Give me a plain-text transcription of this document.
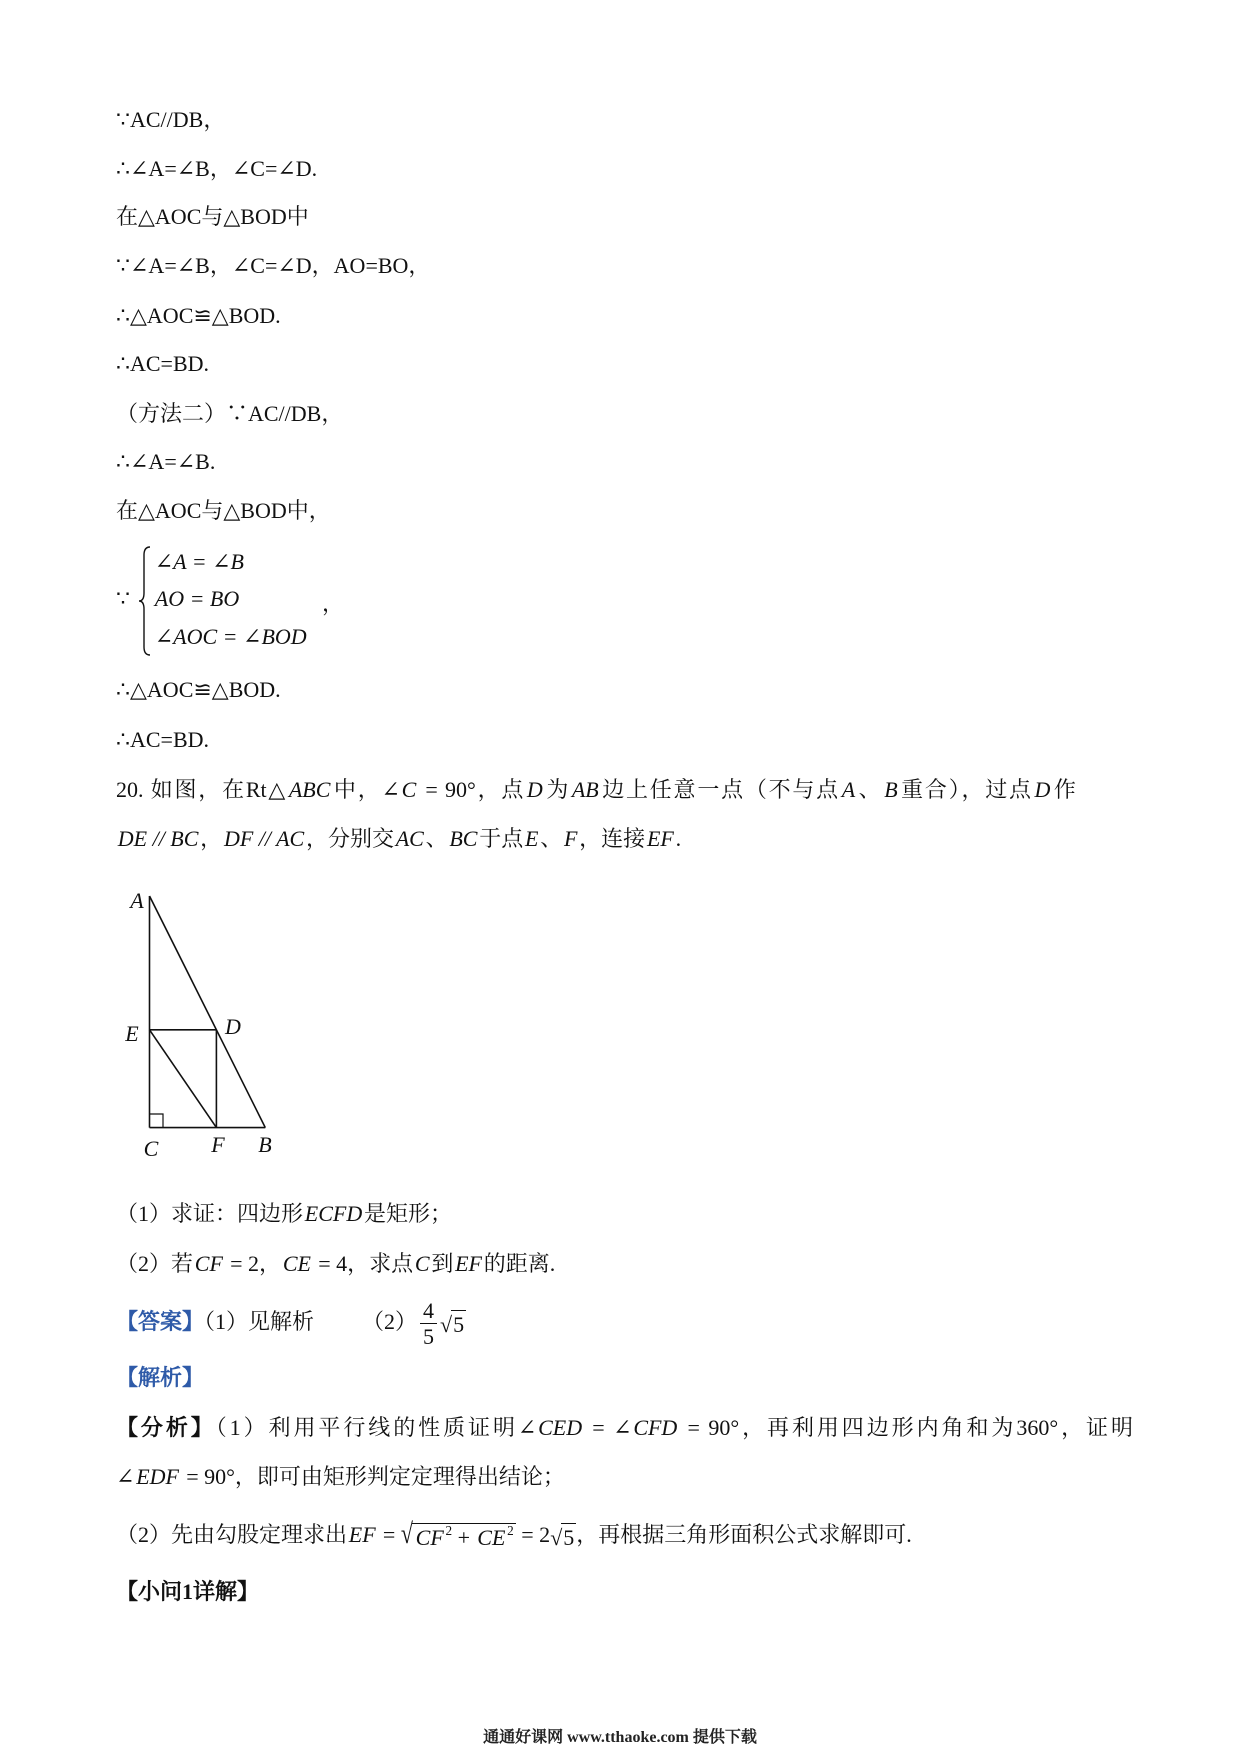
∵AC//DB，
∴∠A=∠B，∠C=∠D.
在△AOC与△BOD中
∵∠A=∠B，∠C=∠D，AO=BO，
∴△AOC≌△BOD.
∴AC=BD.
（方法二）∵AC//DB，
∴∠A=∠B.
在△AOC与△BOD中，
∵
∠A = ∠B
AO = BO
∠AOC = ∠BOD
，
∴△AOC≌△BOD.
∴AC=BD.
20. 如图，在Rt△ABC中，∠C = 90°，点D为AB边上任意一点（不与点A、B重合），过点D作
DE // BC，DF // AC，分别交AC、BC于点E、F，连接EF.
A
E	D
C F B
（1）求证：四边形ECFD是矩形；
（2）若CF = 2，CE = 4，求点C到EF的距离.
【答案】（1）见解析 $(2) \frac{4}{5} √5$
【解析】
【分析】（1）利用平行线的性质证明∠CED = ∠CFD = 90°，再利用四边形内角和为360°，证明
∠EDF = 90°，即可由矩形判定定理得出结论；
（2）先由勾股定理求出EF = √ CF $^2$ + CE $^2$ = 2√5，再根据三角形面积公式求解即可.
【小问1详解】
通通好课网 www.tthaoke.com 提供下载
